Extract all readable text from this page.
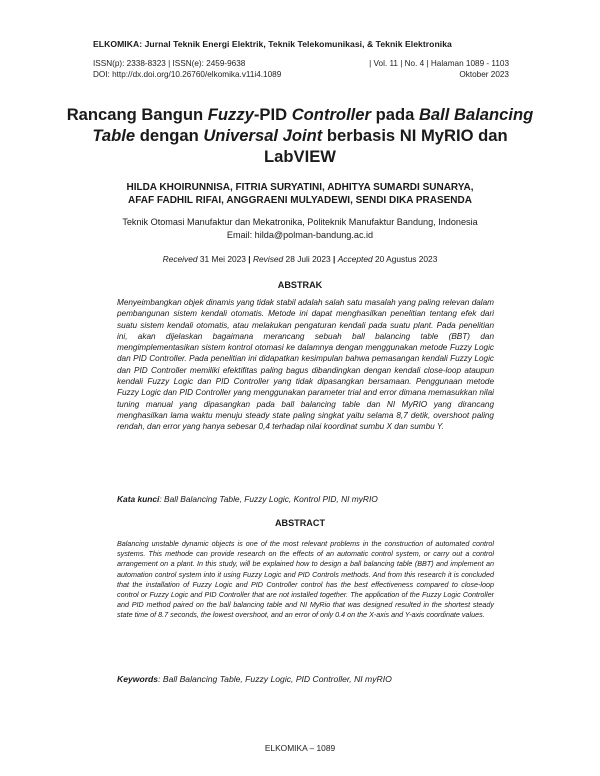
ELKOMIKA: Jurnal Teknik Energi Elektrik, Teknik Telekomunikasi, & Teknik Elektronika
ISSN(p): 2338-8323 | ISSN(e): 2459-9638	| Vol. 11 | No. 4 | Halaman 1089 - 1103
DOI: http://dx.doi.org/10.26760/elkomika.v11i4.1089	Oktober 2023
Rancang Bangun Fuzzy-PID Controller pada Ball Balancing Table dengan Universal Joint berbasis NI MyRIO dan LabVIEW
HILDA KHOIRUNNISA, FITRIA SURYATINI, ADHITYA SUMARDI SUNARYA,
AFAF FADHIL RIFAI, ANGGRAENI MULYADEWI, SENDI DIKA PRASENDA
Teknik Otomasi Manufaktur dan Mekatronika, Politeknik Manufaktur Bandung, Indonesia
Email: hilda@polman-bandung.ac.id
Received 31 Mei 2023 | Revised 28 Juli 2023 | Accepted 20 Agustus 2023
ABSTRAK

Menyeimbangkan objek dinamis yang tidak stabil adalah salah satu masalah yang paling relevan dalam pembangunan sistem kendali otomatis. Metode ini dapat menghasilkan penelitian tentang efek dari suatu sistem kendali otomatis, atau melakukan pengaturan kendali pada suatu plant. Pada penelitian ini, akan dijelaskan bagaimana merancang sebuah ball balancing table (BBT) dan mengimplementasikan sistem kontrol otomasi ke dalamnya dengan menggunakan metode Fuzzy Logic dan PID Controller. Pada penelitian ini didapatkan kesimpulan bahwa pemasangan kendali Fuzzy Logic dan PID Controller memiliki efektifitas paling bagus dibandingkan dengan kendali close-loop ataupun kendali Fuzzy Logic dan PID Controller yang tidak dipasangkan bersamaan. Penggunaan metode Fuzzy Logic dan PID Controller yang menggunakan parameter trial and error dimana memasukkan nilai tuning manual yang dipasangkan pada ball balancing table dan NI MyRIO yang dirancang menghasilkan lama waktu menuju steady state paling singkat yaitu selama 8,7 detik, overshoot paling rendah, dan error yang hanya sebesar 0,4 terhadap nilai koordinat sumbu X dan sumbu Y.

Kata kunci: Ball Balancing Table, Fuzzy Logic, Kontrol PID, NI myRIO
ABSTRACT

Balancing unstable dynamic objects is one of the most relevant problems in the construction of automated control systems. This methode can provide research on the effects of an automatic control system, or carry out a control arrangement on a plant. In this study, will be explained how to design a ball balancing table (BBT) and implement an automation control system into it using Fuzzy Logic and PID Controls methods. And from this research it is concluded that the installation of Fuzzy Logic and PID Controller control has the best effectiveness compared to close-loop control or Fuzzy Logic and PID Controller that are not installed together. The application of the Fuzzy Logic Controller and PID method paired on the ball balancing table and NI MyRio that was designed resulted in the shortest steady state time of 8.7 seconds, the lowest overshoot, and an error of only 0.4 on the X-axis and Y-axis coordinate values.

Keywords: Ball Balancing Table, Fuzzy Logic, PID Controller, NI myRIO
ELKOMIKA – 1089
